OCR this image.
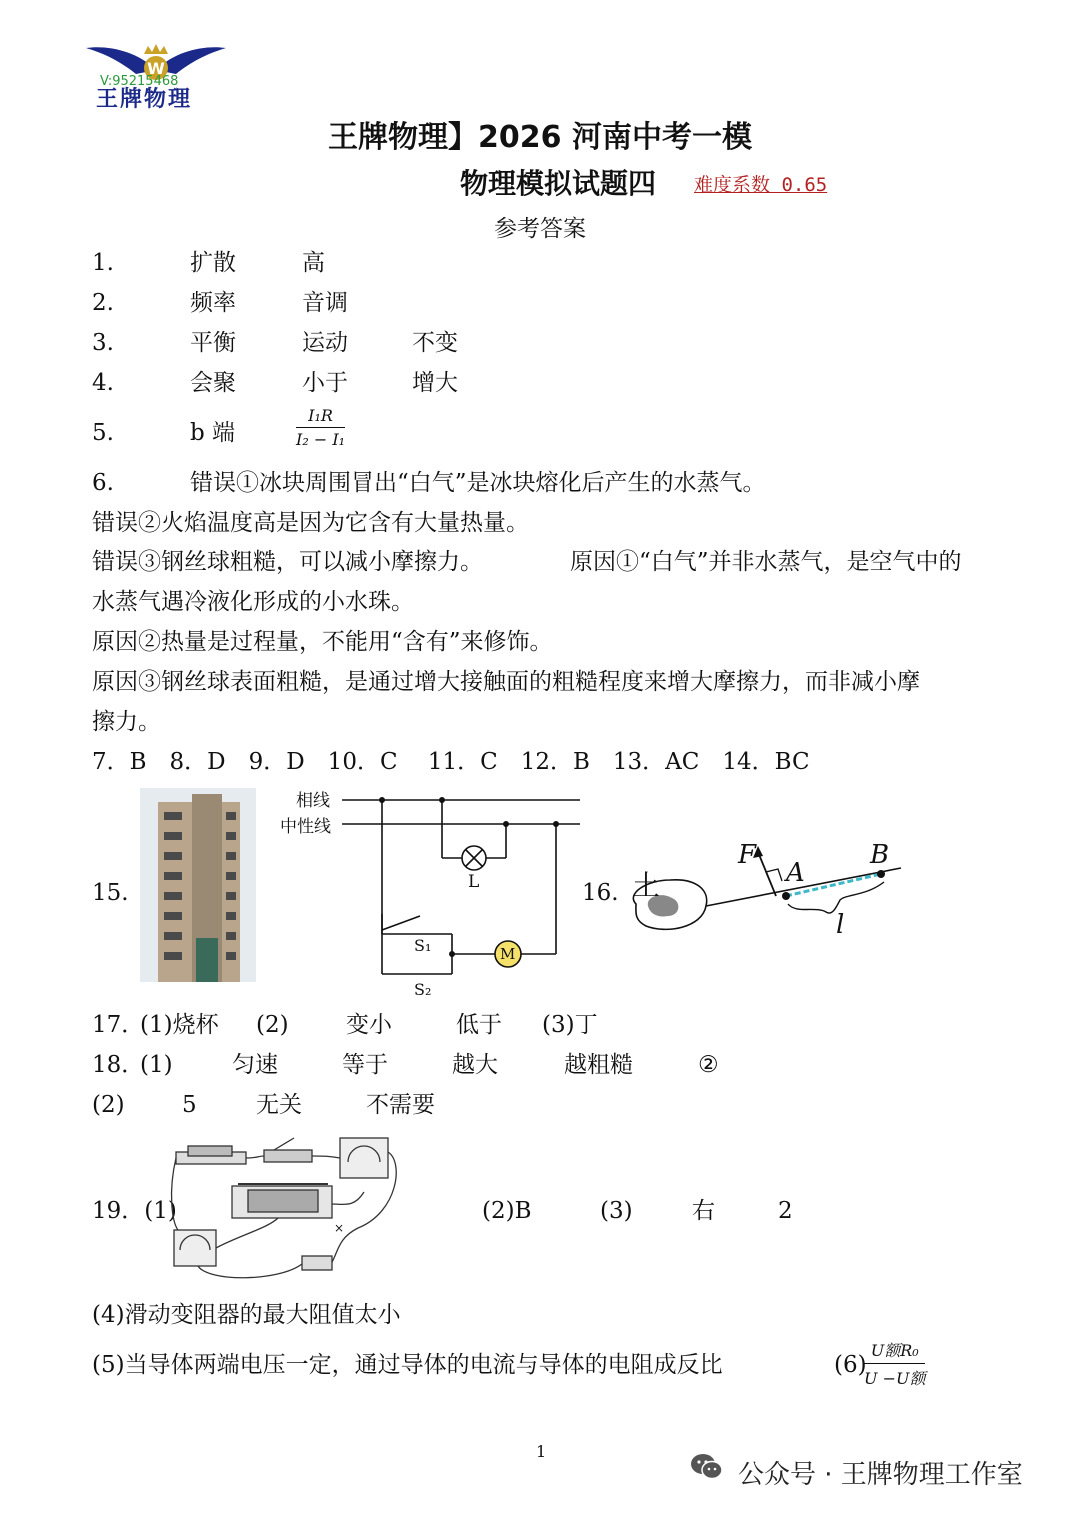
W
V:95215468
王牌物理
王牌物理】2026 河南中考一模
物理模拟试题四 难度系数 0.65
参考答案
1.	扩散	高
2.	频率	音调
3.	平衡	运动	不变
4.	会聚	小于	增大
5.	b 端	$\frac{\text{I₁R}}{\text{I₂ − I₁}}$
6.	错误①冰块周围冒出“白气”是冰块熔化后产生的水蒸气。
错误②火焰温度高是因为它含有大量热量。
错误③钢丝球粗糙，可以减小摩擦力。	原因①“白气”并非水蒸气，是空气中的
水蒸气遇冷液化形成的小水珠。
原因②热量是过程量，不能用“含有”来修饰。
原因③钢丝球表面粗糙，是通过增大接触面的粗糙程度来增大摩擦力，而非减小摩
擦力。
7．B　8．D　9．D　10．C　 11．C　12．B　13．AC　14．BC
15.
相线
中性线
L
M
S₁
S₂
16. 土
F
A
B
l
17．
(1)烧杯 (2) 变小	低于 (3)丁
18．
(1)	匀速	等于	越大	越粗糙	②
(2) 5	无关	不需要
19．(1)
×
(2)B	(3)	右	2
(4)滑动变阻器的最大阻值太小
(5)当导体两端电压一定，通过导体的电流与导体的电阻成反比	(6)
$\frac{\text{U额R₀}}{\text{U −U额}}$
1
公众号 · 王牌物理工作室
